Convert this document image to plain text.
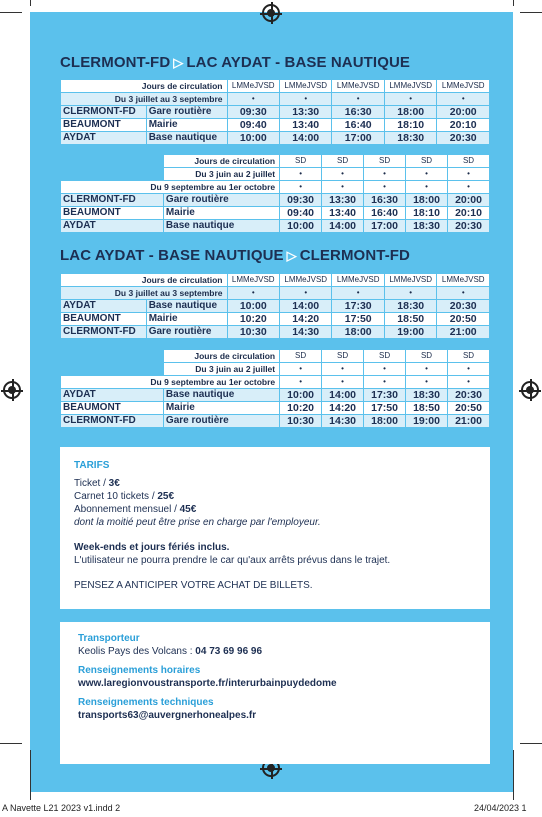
CLERMONT-FD ▷ LAC AYDAT - BASE NAUTIQUE
Jours de circulation		LMMeJVSD	LMMeJVSD	LMMeJVSD	LMMeJVSD	LMMeJVSD
Du 3 juillet au 3 septembre		•	•	•	•	•
CLERMONT-FD	Gare routière	09:30	13:30	16:30	18:00	20:00
BEAUMONT	Mairie	09:40	13:40	16:40	18:10	20:10
AYDAT	Base nautique	10:00	14:00	17:00	18:30	20:30
	Jours de circulation	SD	SD	SD	SD	SD
	Du 3 juin au 2 juillet	•	•	•	•	•
Du 9 septembre au 1er octobre		•	•	•	•	•
CLERMONT-FD	Gare routière	09:30	13:30	16:30	18:00	20:00
BEAUMONT	Mairie	09:40	13:40	16:40	18:10	20:10
AYDAT	Base nautique	10:00	14:00	17:00	18:30	20:30
LAC AYDAT - BASE NAUTIQUE ▷ CLERMONT-FD
Jours de circulation		LMMeJVSD	LMMeJVSD	LMMeJVSD	LMMeJVSD	LMMeJVSD
Du 3 juillet au 3 septembre		•	•	•	•	•
AYDAT	Base nautique	10:00	14:00	17:30	18:30	20:30
BEAUMONT	Mairie	10:20	14:20	17:50	18:50	20:50
CLERMONT-FD	Gare routière	10:30	14:30	18:00	19:00	21:00
	Jours de circulation	SD	SD	SD	SD	SD
	Du 3 juin au 2 juillet	•	•	•	•	•
Du 9 septembre au 1er octobre		•	•	•	•	•
AYDAT	Base nautique	10:00	14:00	17:30	18:30	20:30
BEAUMONT	Mairie	10:20	14:20	17:50	18:50	20:50
CLERMONT-FD	Gare routière	10:30	14:30	18:00	19:00	21:00
TARIFS
Ticket / 3€
Carnet 10 tickets / 25€
Abonnement mensuel / 45€
dont la moitié peut être prise en charge par l'employeur.
Week-ends et jours fériés inclus.
L'utilisateur ne pourra prendre le car qu'aux arrêts prévus dans le trajet.
PENSEZ A ANTICIPER VOTRE ACHAT DE BILLETS.
Transporteur
Keolis Pays des Volcans : 04 73 69 96 96
Renseignements horaires
www.laregionvoustransporte.fr/interurbainpuydedome
Renseignements techniques
transports63@auvergnerhonealpes.fr
A Navette L21 2023 v1.indd 2	24/04/2023 1
